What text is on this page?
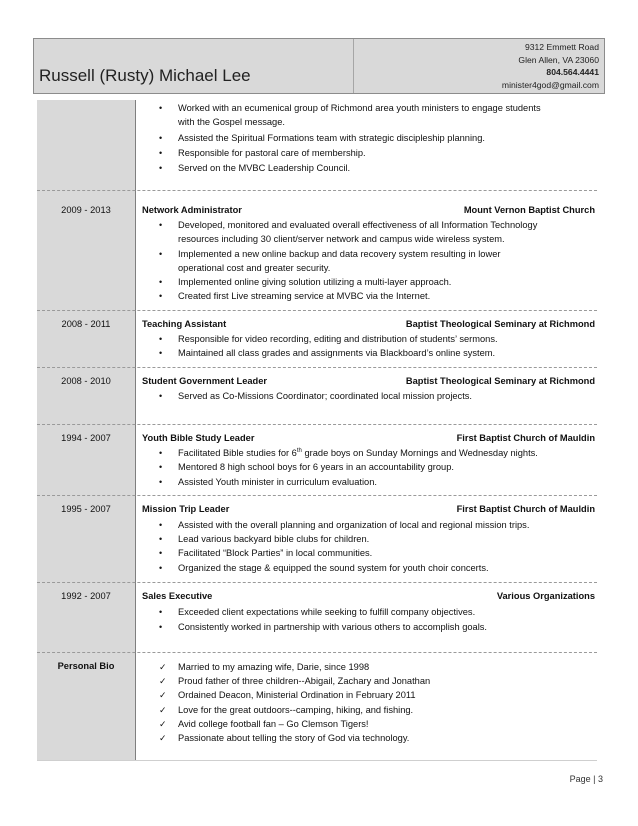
Russell (Rusty) Michael Lee
9312 Emmett Road
Glen Allen, VA 23060
804.564.4441
minister4god@gmail.com
• Worked with an ecumenical group of Richmond area youth ministers to engage students
with the Gospel message.
• Assisted the Spiritual Formations team with strategic discipleship planning.
• Responsible for pastoral care of membership.
• Served on the MVBC Leadership Council.
2009 - 2013	Network Administrator	Mount Vernon Baptist Church
• Developed, monitored and evaluated overall effectiveness of all Information Technology
resources including 30 client/server network and campus wide wireless system.
• Implemented a new online backup and data recovery system resulting in lower
operational cost and greater security.
• Implemented online giving solution utilizing a multi-layer approach.
• Created first Live streaming service at MVBC via the Internet.
2008 - 2011	Teaching Assistant	Baptist Theological Seminary at Richmond
• Responsible for video recording, editing and distribution of students’ sermons.
• Maintained all class grades and assignments via Blackboard’s online system.
2008 - 2010	Student Government Leader	Baptist Theological Seminary at Richmond
• Served as Co-Missions Coordinator; coordinated local mission projects.
1994 - 2007	Youth Bible Study Leader	First Baptist Church of Mauldin
• Facilitated Bible studies for 6th grade boys on Sunday Mornings and Wednesday nights.
• Mentored 8 high school boys for 6 years in an accountability group.
• Assisted Youth minister in curriculum evaluation.
1995 - 2007	Mission Trip Leader	First Baptist Church of Mauldin
• Assisted with the overall planning and organization of local and regional mission trips.
• Lead various backyard bible clubs for children.
• Facilitated “Block Parties” in local communities.
• Organized the stage & equipped the sound system for youth choir concerts.
1992 - 2007	Sales Executive	Various Organizations
• Exceeded client expectations while seeking to fulfill company objectives.
• Consistently worked in partnership with various others to accomplish goals.
Personal Bio	✓ Married to my amazing wife, Darie, since 1998
✓ Proud father of three children--Abigail, Zachary and Jonathan
✓ Ordained Deacon, Ministerial Ordination in February 2011
✓ Love for the great outdoors--camping, hiking, and fishing.
✓ Avid college football fan – Go Clemson Tigers!
✓ Passionate about telling the story of God via technology.
Page | 3
